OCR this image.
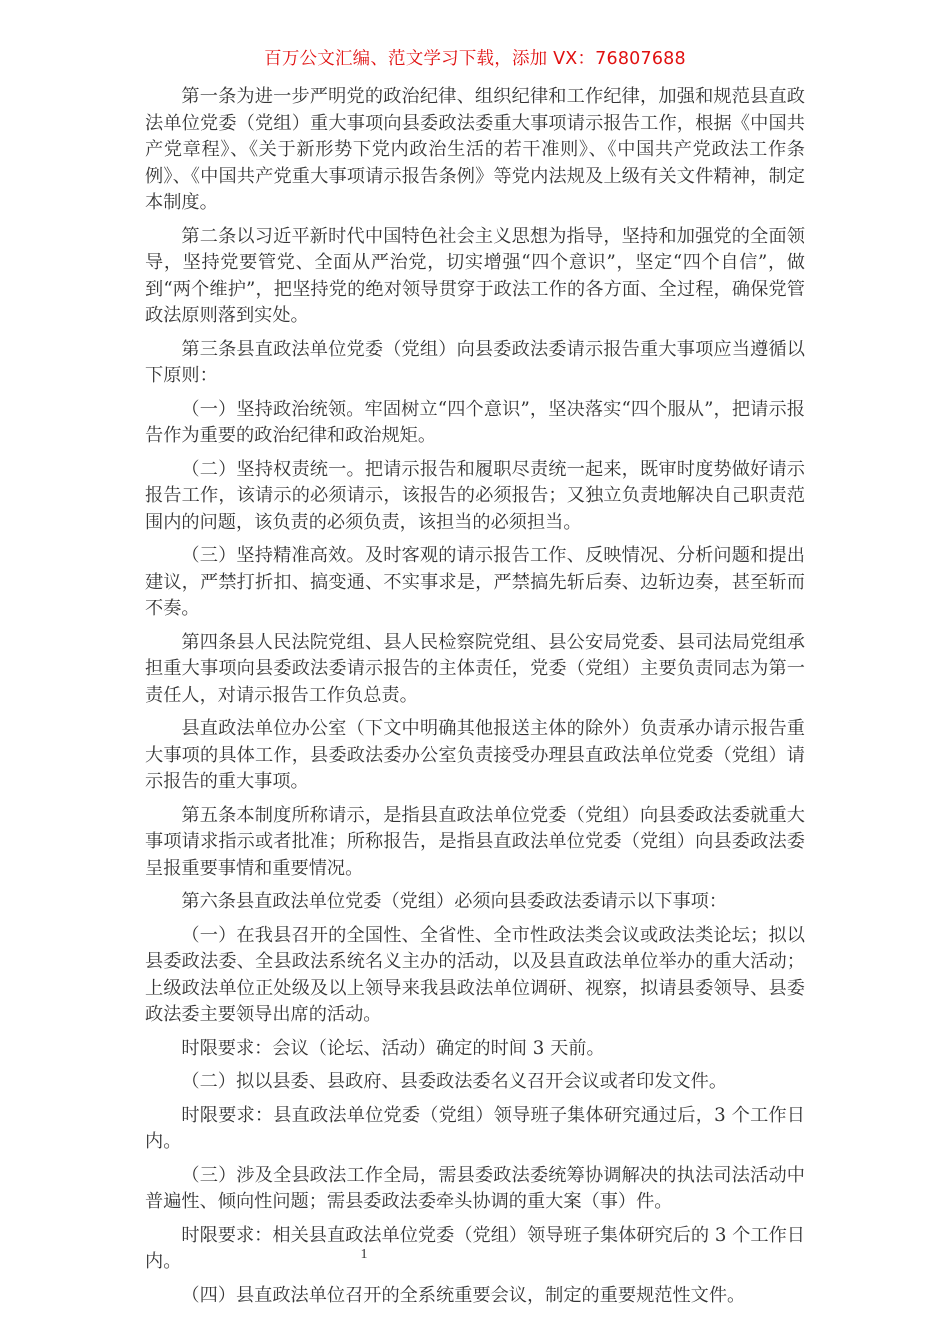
百万公文汇编、范文学习下载，添加 VX：76807688

第一条为进一步严明党的政治纪律、组织纪律和工作纪律，加强和规范县直政法单位党委（党组）重大事项向县委政法委重大事项请示报告工作，根据《中国共产党章程》、《关于新形势下党内政治生活的若干准则》、《中国共产党政法工作条例》、《中国共产党重大事项请示报告条例》等党内法规及上级有关文件精神，制定本制度。

第二条以习近平新时代中国特色社会主义思想为指导，坚持和加强党的全面领导，坚持党要管党、全面从严治党，切实增强“四个意识”，坚定“四个自信”，做到“两个维护”，把坚持党的绝对领导贯穿于政法工作的各方面、全过程，确保党管政法原则落到实处。

第三条县直政法单位党委（党组）向县委政法委请示报告重大事项应当遵循以下原则：

（一）坚持政治统领。牢固树立“四个意识”，坚决落实“四个服从”，把请示报告作为重要的政治纪律和政治规矩。

（二）坚持权责统一。把请示报告和履职尽责统一起来，既审时度势做好请示报告工作，该请示的必须请示，该报告的必须报告；又独立负责地解决自己职责范围内的问题，该负责的必须负责，该担当的必须担当。

（三）坚持精准高效。及时客观的请示报告工作、反映情况、分析问题和提出建议，严禁打折扣、搞变通、不实事求是，严禁搞先斩后奏、边斩边奏，甚至斩而不奏。

第四条县人民法院党组、县人民检察院党组、县公安局党委、县司法局党组承担重大事项向县委政法委请示报告的主体责任，党委（党组）主要负责同志为第一责任人，对请示报告工作负总责。

县直政法单位办公室（下文中明确其他报送主体的除外）负责承办请示报告重大事项的具体工作，县委政法委办公室负责接受办理县直政法单位党委（党组）请示报告的重大事项。

第五条本制度所称请示，是指县直政法单位党委（党组）向县委政法委就重大事项请求指示或者批准；所称报告，是指县直政法单位党委（党组）向县委政法委呈报重要事情和重要情况。

第六条县直政法单位党委（党组）必须向县委政法委请示以下事项：

（一）在我县召开的全国性、全省性、全市性政法类会议或政法类论坛；拟以县委政法委、全县政法系统名义主办的活动，以及县直政法单位举办的重大活动；上级政法单位正处级及以上领导来我县政法单位调研、视察，拟请县委领导、县委政法委主要领导出席的活动。

时限要求：会议（论坛、活动）确定的时间 3 天前。

（二）拟以县委、县政府、县委政法委名义召开会议或者印发文件。

时限要求：县直政法单位党委（党组）领导班子集体研究通过后，3 个工作日内。

（三）涉及全县政法工作全局，需县委政法委统筹协调解决的执法司法活动中普遍性、倾向性问题；需县委政法委牵头协调的重大案（事）件。

时限要求：相关县直政法单位党委（党组）领导班子集体研究后的 3 个工作日内。

（四）县直政法单位召开的全系统重要会议，制定的重要规范性文件。

1
